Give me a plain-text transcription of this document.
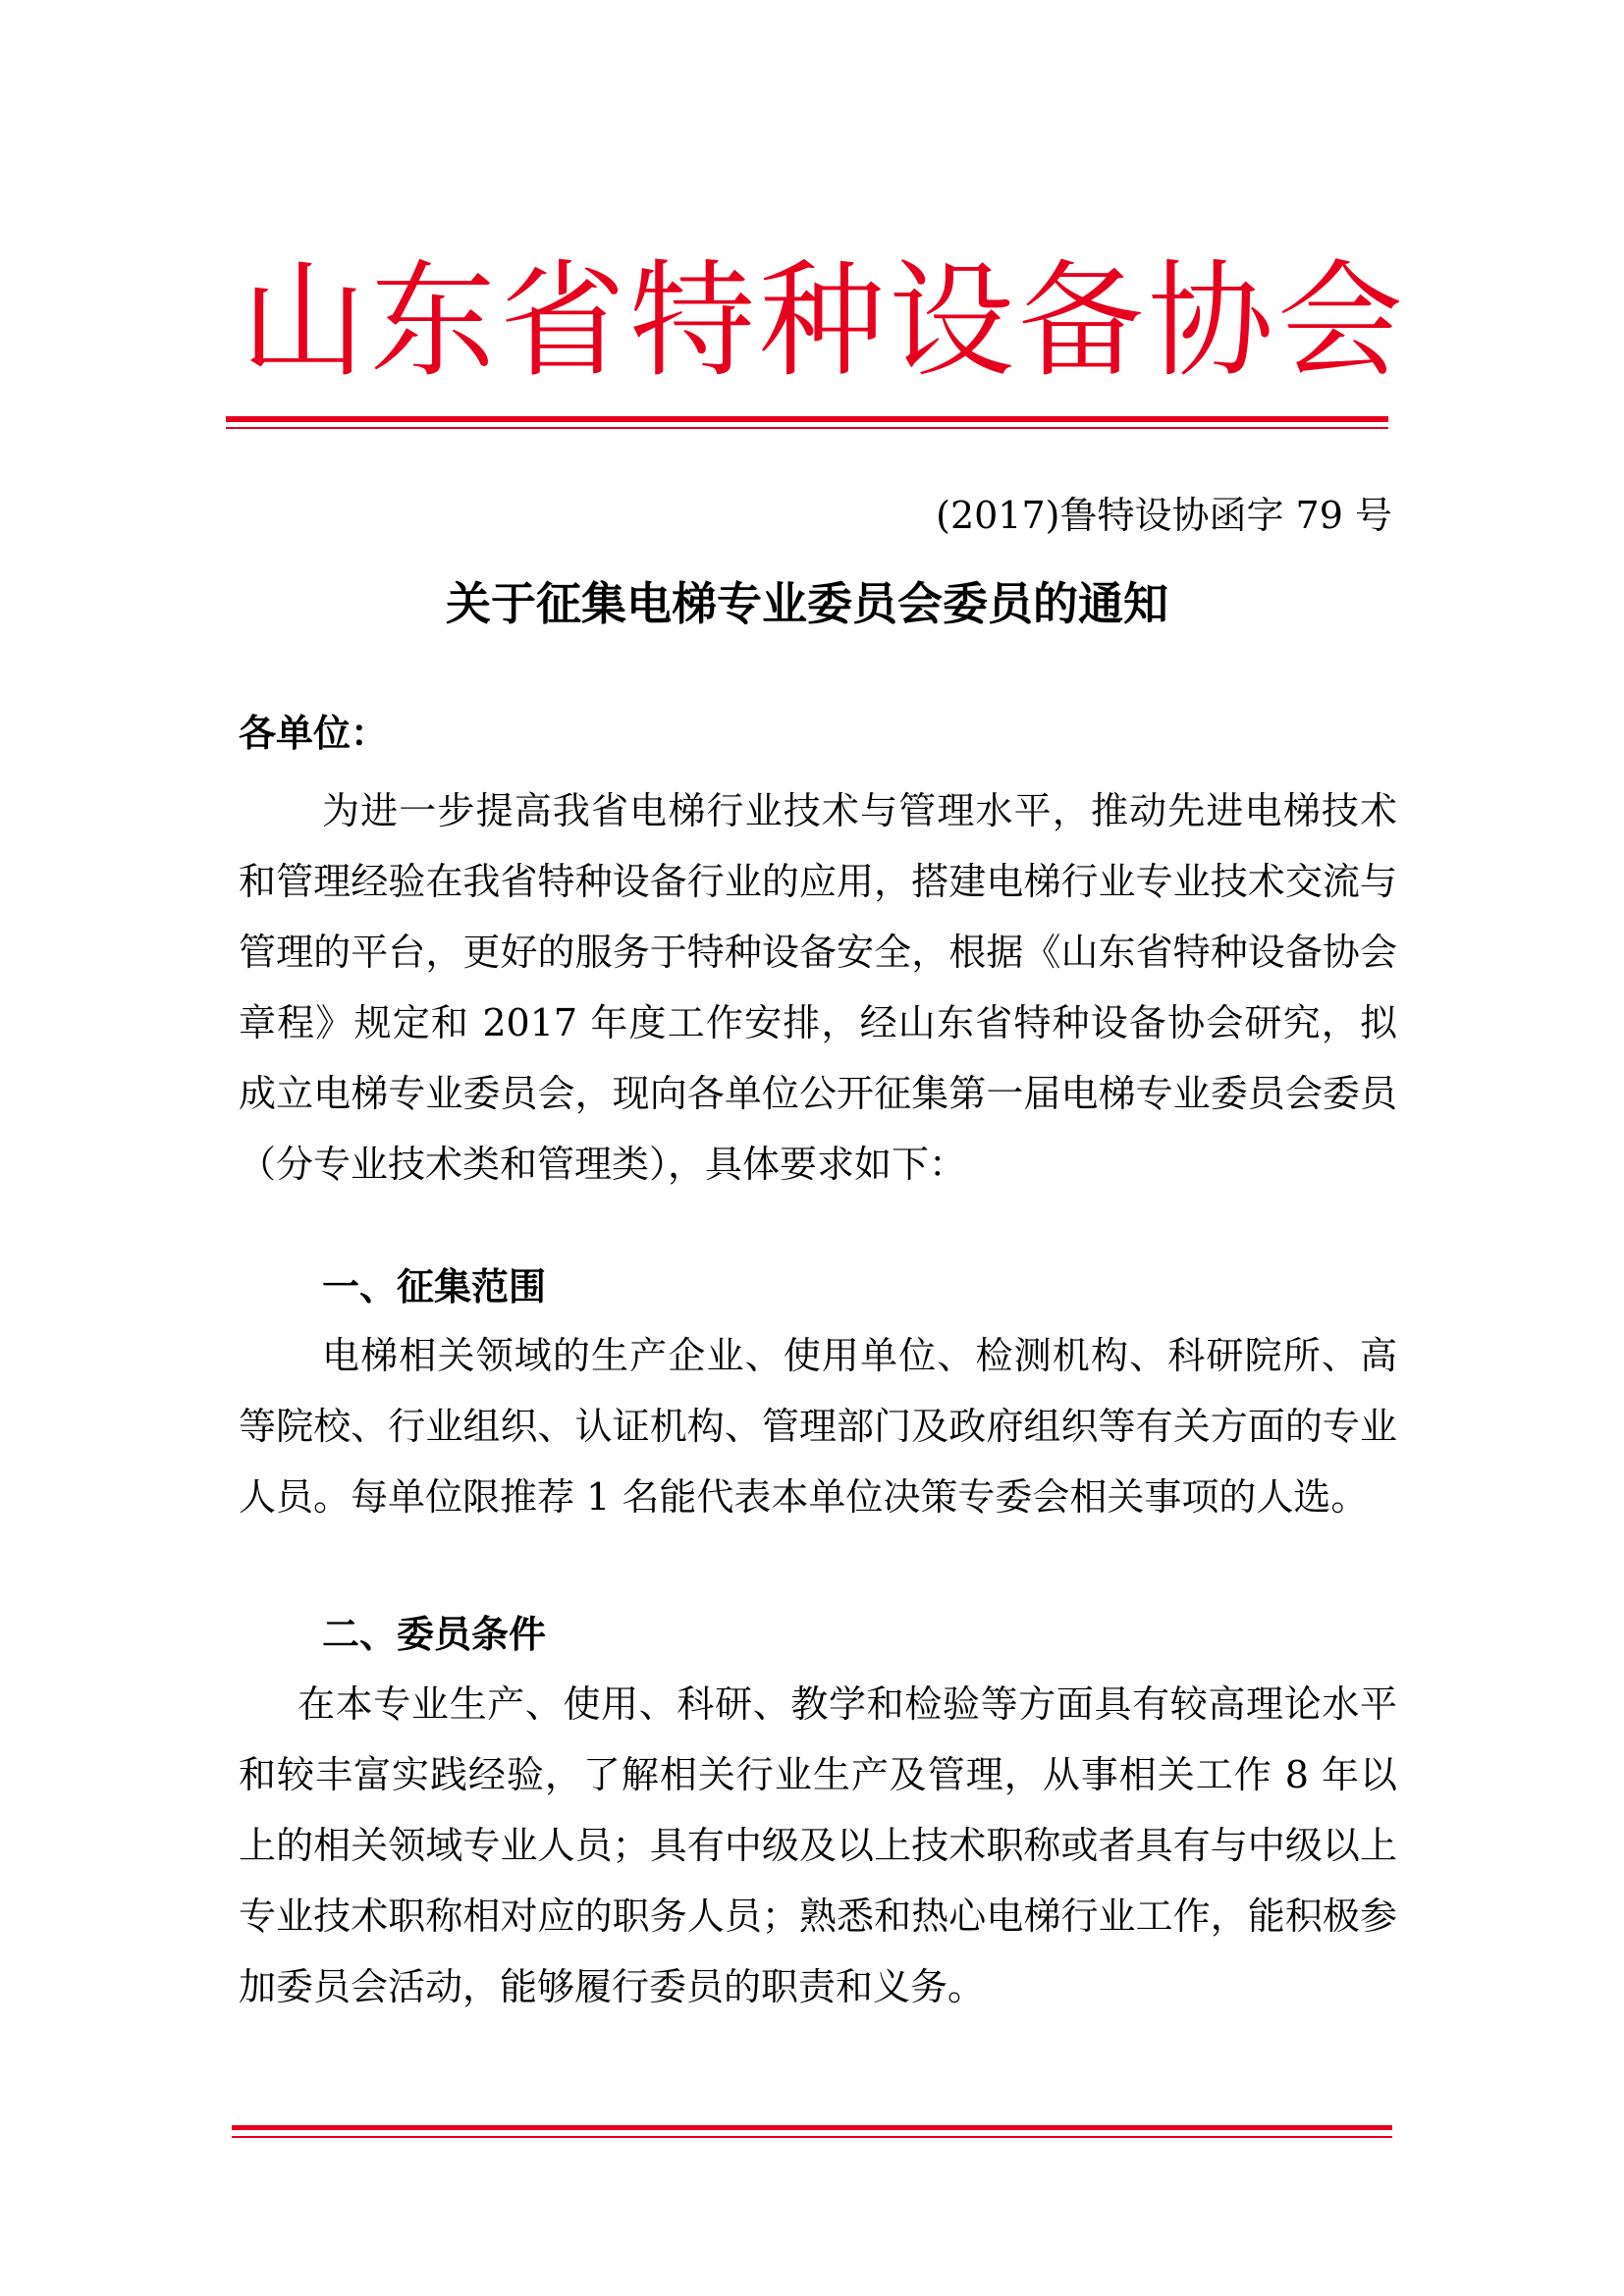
山东省特种设备协会
(2017)鲁特设协函字 79 号
关于征集电梯专业委员会委员的通知
各单位：

为进一步提高我省电梯行业技术与管理水平，推动先进电梯技术和管理经验在我省特种设备行业的应用，搭建电梯行业专业技术交流与管理的平台，更好的服务于特种设备安全，根据《山东省特种设备协会章程》规定和 2017 年度工作安排，经山东省特种设备协会研究，拟成立电梯专业委员会，现向各单位公开征集第一届电梯专业委员会委员（分专业技术类和管理类），具体要求如下：

一、征集范围

电梯相关领域的生产企业、使用单位、检测机构、科研院所、高等院校、行业组织、认证机构、管理部门及政府组织等有关方面的专业人员。每单位限推荐 1 名能代表本单位决策专委会相关事项的人选。

二、委员条件

在本专业生产、使用、科研、教学和检验等方面具有较高理论水平和较丰富实践经验，了解相关行业生产及管理，从事相关工作 8 年以上的相关领域专业人员；具有中级及以上技术职称或者具有与中级以上专业技术职称相对应的职务人员；熟悉和热心电梯行业工作，能积极参加委员会活动，能够履行委员的职责和义务。
